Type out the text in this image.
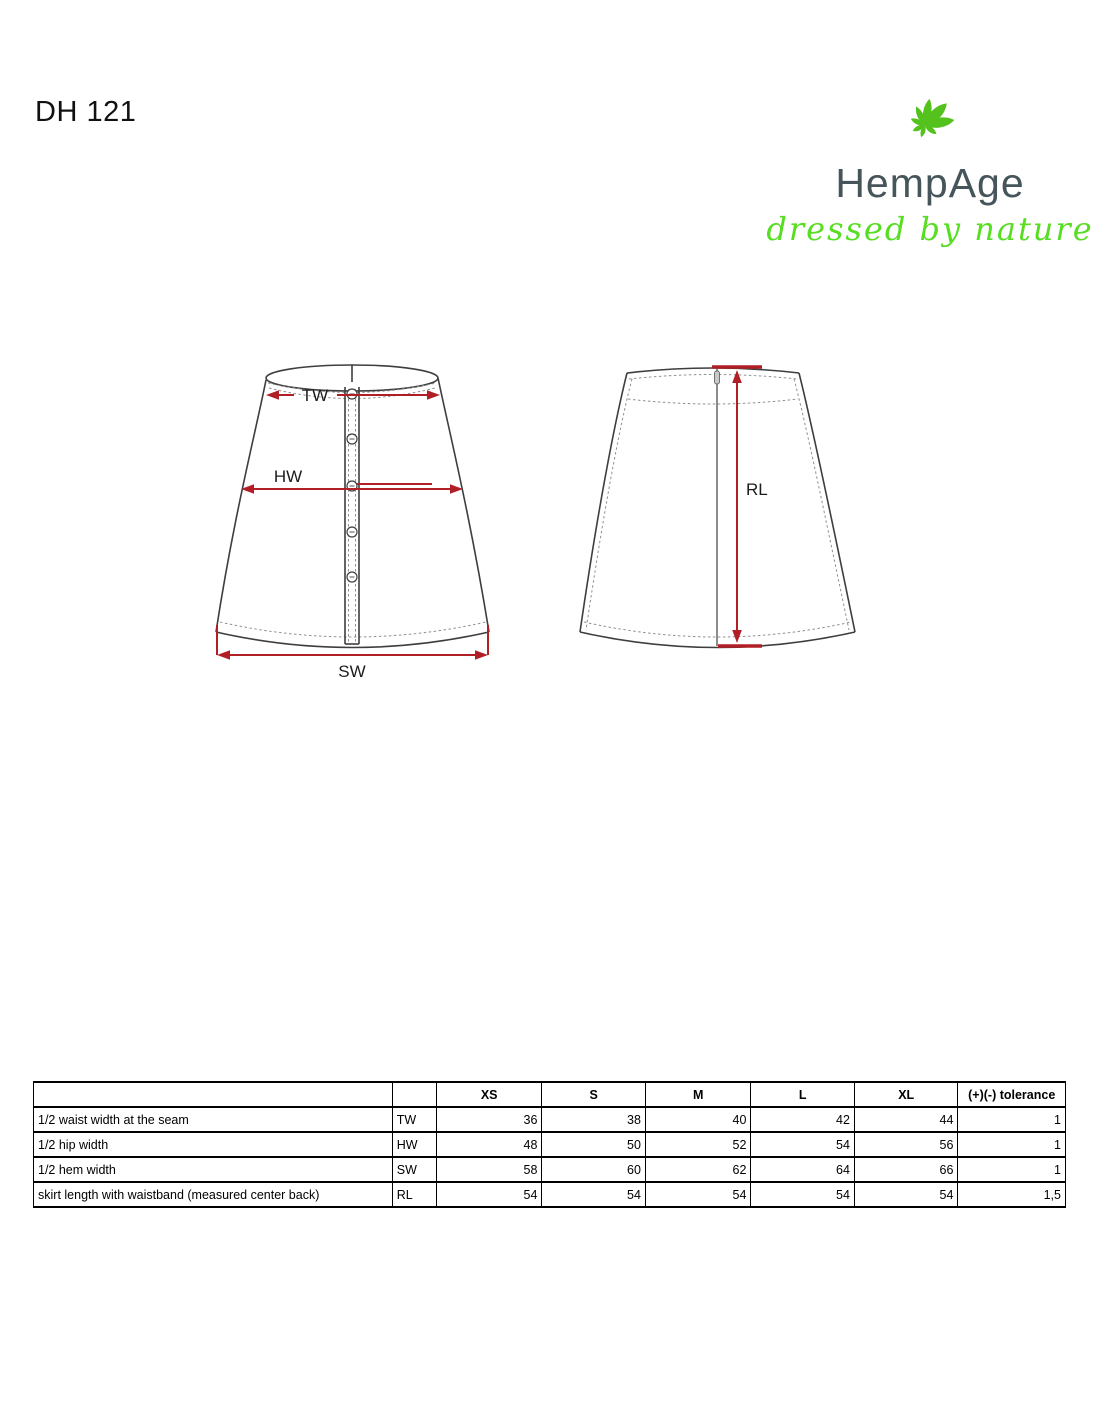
DH 121
HempAge
dressed by nature
TW
HW
SW
RL
		XS	S	M	L	XL	(+)(-) tolerance
1/2 waist width at the seam	TW	36	38	40	42	44	1
1/2 hip width	HW	48	50	52	54	56	1
1/2 hem width	SW	58	60	62	64	66	1
skirt length with waistband (measured center back)	RL	54	54	54	54	54	1,5
